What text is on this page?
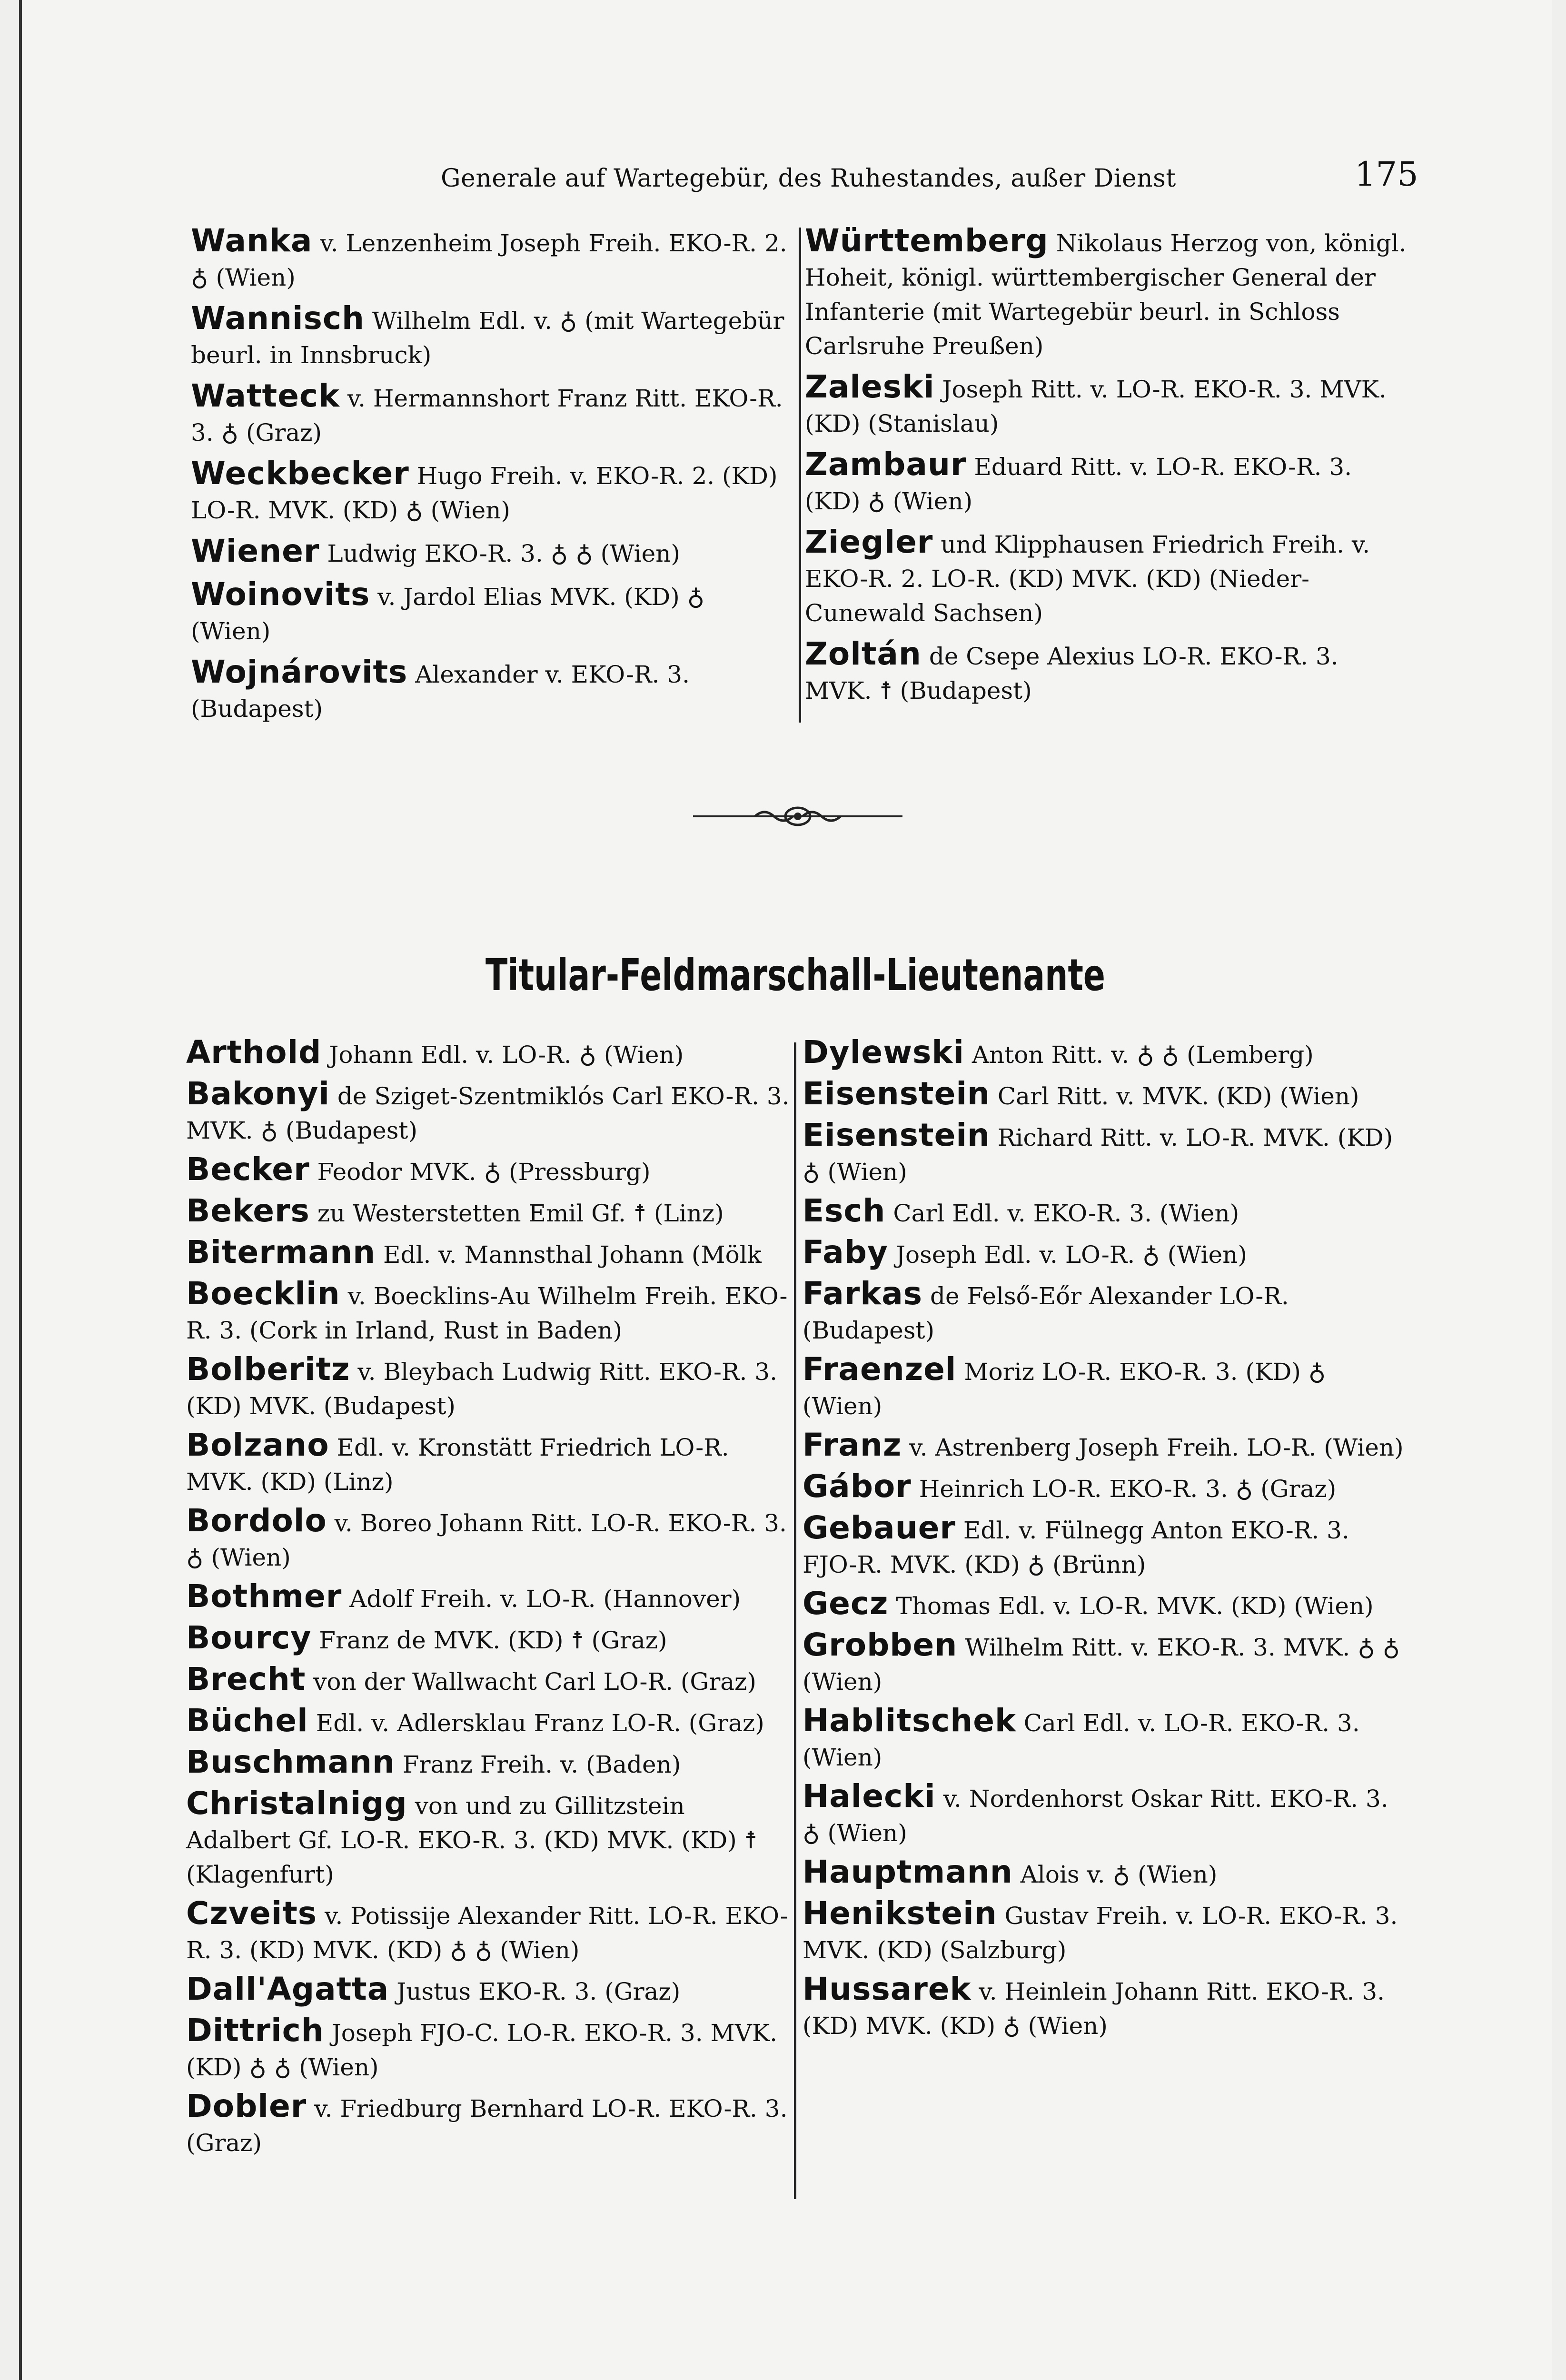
Generale auf Wartegebür, des Ruhestandes, außer Dienst	175
Wanka v. Lenzenheim Joseph Freih. EKO-R. 2. ♁ (Wien)
Wannisch Wilhelm Edl. v. ♁ (mit Wartegebür beurl. in Innsbruck)
Watteck v. Hermannshort Franz Ritt. EKO-R. 3. ♁ (Graz)
Weckbecker Hugo Freih. v. EKO-R. 2. (KD) LO-R. MVK. (KD) ♁ (Wien)
Wiener Ludwig EKO-R. 3. ♁ ♁ (Wien)
Woinovits v. Jardol Elias MVK. (KD) ♁ (Wien)
Wojnárovits Alexander v. EKO-R. 3. (Budapest)
Württemberg Nikolaus Herzog von, königl. Hoheit, königl. württembergischer General der Infanterie (mit Wartegebür beurl. in Schloss Carlsruhe Preußen)
Zaleski Joseph Ritt. v. LO-R. EKO-R. 3. MVK. (KD) (Stanislau)
Zambaur Eduard Ritt. v. LO-R. EKO-R. 3. (KD) ♁ (Wien)
Ziegler und Klipphausen Friedrich Freih. v. EKO-R. 2. LO-R. (KD) MVK. (KD) (Nieder-Cunewald Sachsen)
Zoltán de Csepe Alexius LO-R. EKO-R. 3. MVK. ☨ (Budapest)
Titular-Feldmarschall-Lieutenante
Arthold Johann Edl. v. LO-R. ♁ (Wien)
Bakonyi de Sziget-Szentmiklós Carl EKO-R. 3. MVK. ♁ (Budapest)
Becker Feodor MVK. ♁ (Pressburg)
Bekers zu Westerstetten Emil Gf. ☨ (Linz)
Bitermann Edl. v. Mannsthal Johann (Mölk
Boecklin v. Boecklins-Au Wilhelm Freih. EKO-R. 3. (Cork in Irland, Rust in Baden)
Bolberitz v. Bleybach Ludwig Ritt. EKO-R. 3. (KD) MVK. (Budapest)
Bolzano Edl. v. Kronstätt Friedrich LO-R. MVK. (KD) (Linz)
Bordolo v. Boreo Johann Ritt. LO-R. EKO-R. 3. ♁ (Wien)
Bothmer Adolf Freih. v. LO-R. (Hannover)
Bourcy Franz de MVK. (KD) ☨ (Graz)
Brecht von der Wallwacht Carl LO-R. (Graz)
Büchel Edl. v. Adlersklau Franz LO-R. (Graz)
Buschmann Franz Freih. v. (Baden)
Christalnigg von und zu Gillitzstein Adalbert Gf. LO-R. EKO-R. 3. (KD) MVK. (KD) ☨ (Klagenfurt)
Czveits v. Potissije Alexander Ritt. LO-R. EKO-R. 3. (KD) MVK. (KD) ♁ ♁ (Wien)
Dall'Agatta Justus EKO-R. 3. (Graz)
Dittrich Joseph FJO-C. LO-R. EKO-R. 3. MVK. (KD) ♁ ♁ (Wien)
Dobler v. Friedburg Bernhard LO-R. EKO-R. 3. (Graz)
Dylewski Anton Ritt. v. ♁ ♁ (Lemberg)
Eisenstein Carl Ritt. v. MVK. (KD) (Wien)
Eisenstein Richard Ritt. v. LO-R. MVK. (KD) ♁ (Wien)
Esch Carl Edl. v. EKO-R. 3. (Wien)
Faby Joseph Edl. v. LO-R. ♁ (Wien)
Farkas de Felső-Eőr Alexander LO-R. (Budapest)
Fraenzel Moriz LO-R. EKO-R. 3. (KD) ♁ (Wien)
Franz v. Astrenberg Joseph Freih. LO-R. (Wien)
Gábor Heinrich LO-R. EKO-R. 3. ♁ (Graz)
Gebauer Edl. v. Fülnegg Anton EKO-R. 3. FJO-R. MVK. (KD) ♁ (Brünn)
Gecz Thomas Edl. v. LO-R. MVK. (KD) (Wien)
Grobben Wilhelm Ritt. v. EKO-R. 3. MVK. ♁ ♁ (Wien)
Hablitschek Carl Edl. v. LO-R. EKO-R. 3. (Wien)
Halecki v. Nordenhorst Oskar Ritt. EKO-R. 3. ♁ (Wien)
Hauptmann Alois v. ♁ (Wien)
Henikstein Gustav Freih. v. LO-R. EKO-R. 3. MVK. (KD) (Salzburg)
Hussarek v. Heinlein Johann Ritt. EKO-R. 3. (KD) MVK. (KD) ♁ (Wien)
